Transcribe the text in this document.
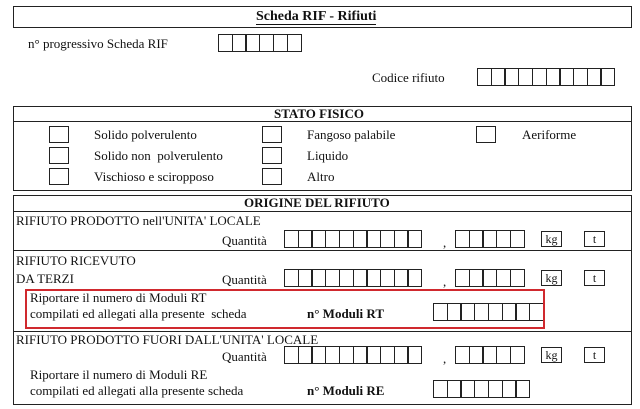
Scheda RIF - Rifiuti
n° progressivo Scheda RIF
Codice rifiuto
STATO FISICO
Solido polverulento	Fangoso palabile	Aeriforme
Solido non  polverulento	Liquido
Vischioso e sciropposo	Altro
ORIGINE DEL RIFIUTO
RIFIUTO PRODOTTO nell'UNITA' LOCALE
Quantità	,	kg	t
RIFIUTO RICEVUTO
DA TERZI	Quantità	,	kg	t
Riportare il numero di Moduli RT
compilati ed allegati alla presente  scheda	n° Moduli RT
RIFIUTO PRODOTTO FUORI DALL'UNITA' LOCALE
Quantità	,	kg	t
Riportare il numero di Moduli RE
compilati ed allegati alla presente scheda	n° Moduli RE
